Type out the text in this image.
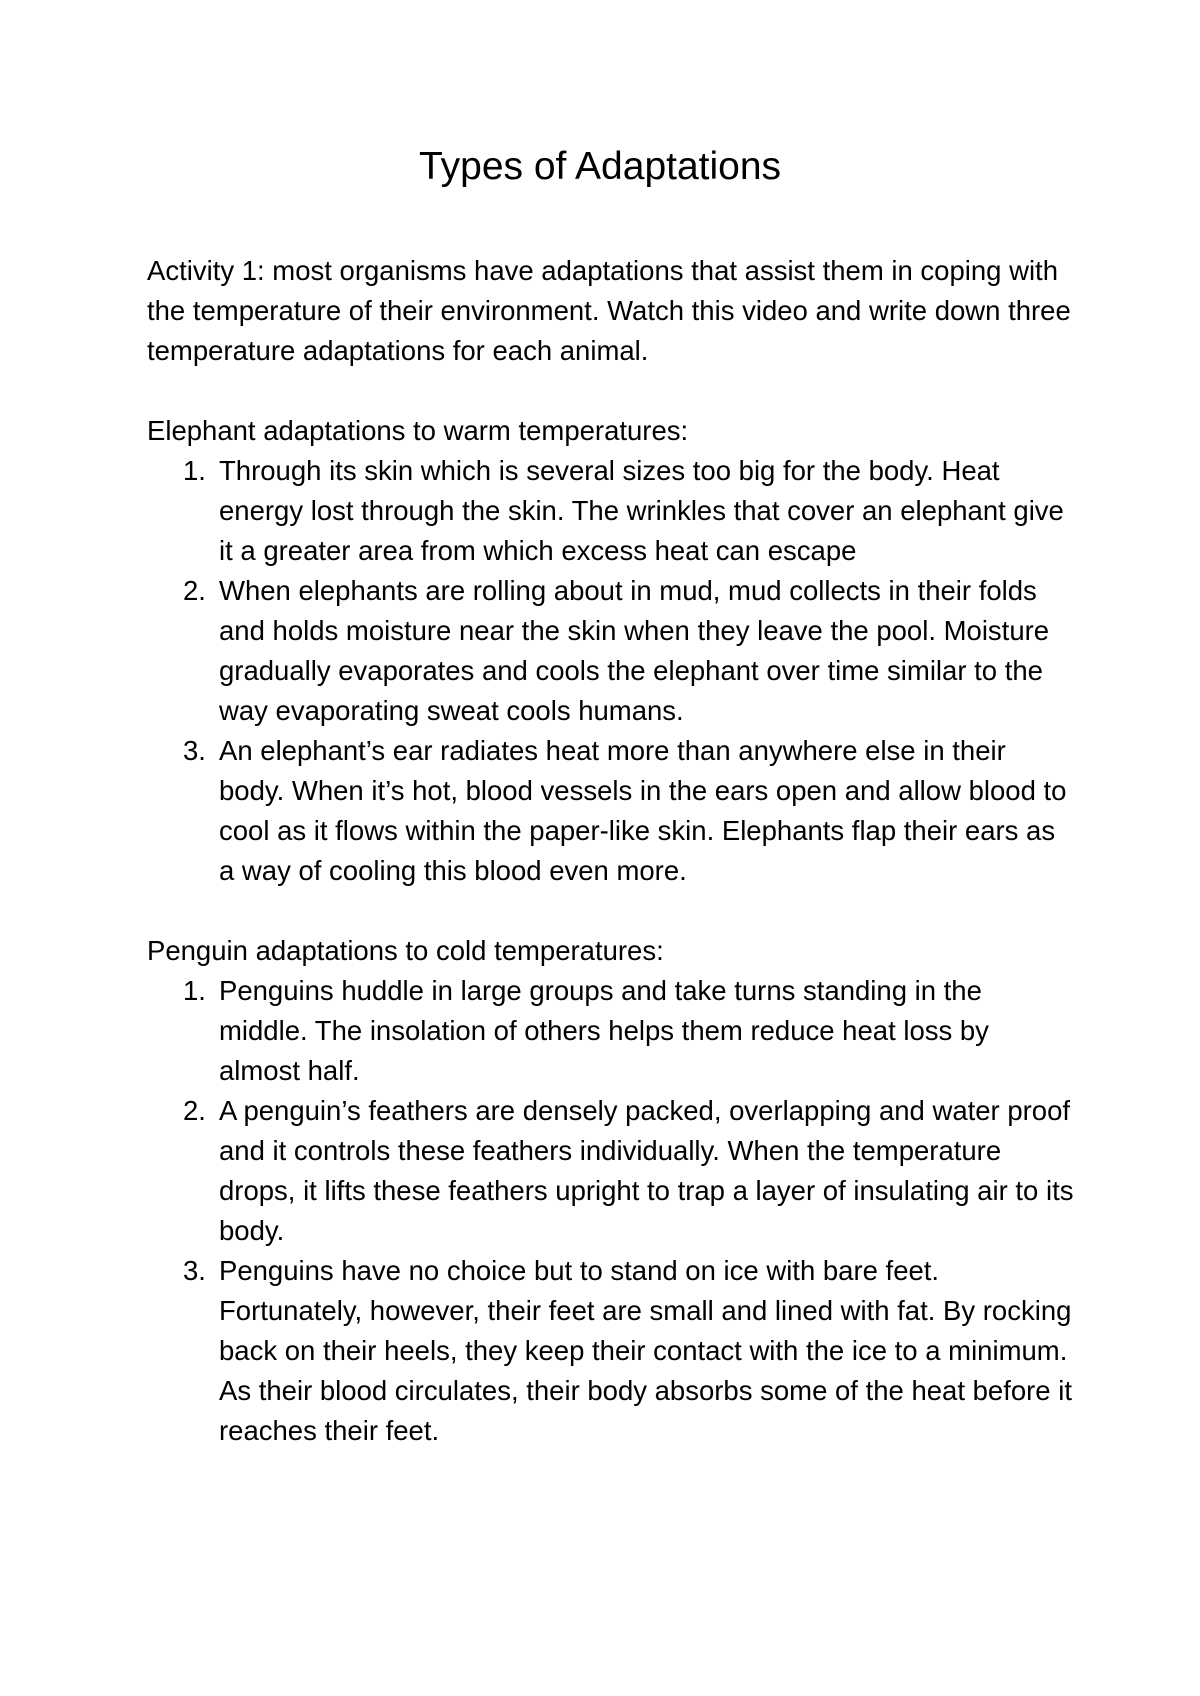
Types of Adaptations

Activity 1: most organisms have adaptations that assist them in coping with the temperature of their environment. Watch this video and write down three temperature adaptations for each animal.

Elephant adaptations to warm temperatures:

1. Through its skin which is several sizes too big for the body. Heat energy lost through the skin. The wrinkles that cover an elephant give it a greater area from which excess heat can escape
2. When elephants are rolling about in mud, mud collects in their folds and holds moisture near the skin when they leave the pool. Moisture gradually evaporates and cools the elephant over time similar to the way evaporating sweat cools humans.
3. An elephant’s ear radiates heat more than anywhere else in their body. When it’s hot, blood vessels in the ears open and allow blood to cool as it flows within the paper-like skin. Elephants flap their ears as a way of cooling this blood even more.

Penguin adaptations to cold temperatures:

1. Penguins huddle in large groups and take turns standing in the middle. The insolation of others helps them reduce heat loss by almost half.
2. A penguin’s feathers are densely packed, overlapping and water proof and it controls these feathers individually. When the temperature drops, it lifts these feathers upright to trap a layer of insulating air to its body.
3. Penguins have no choice but to stand on ice with bare feet. Fortunately, however, their feet are small and lined with fat. By rocking back on their heels, they keep their contact with the ice to a minimum. As their blood circulates, their body absorbs some of the heat before it reaches their feet.
